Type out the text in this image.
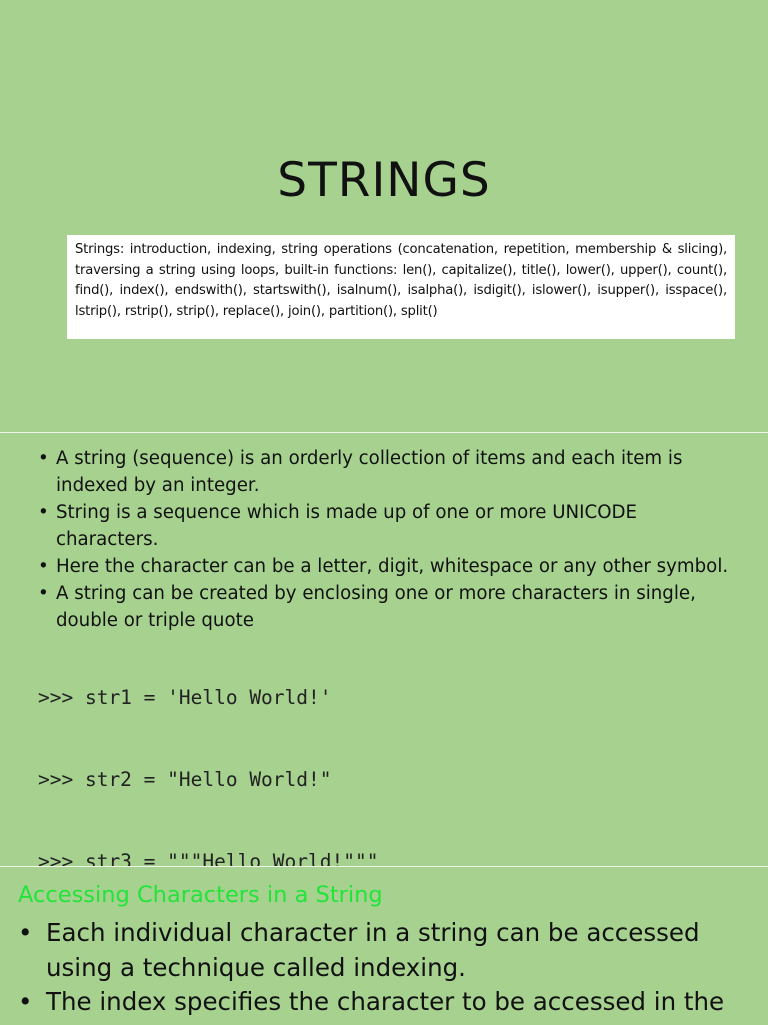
STRINGS

Strings: introduction, indexing, string operations (concatenation, repetition, membership & slicing), traversing a string using loops, built-in functions: len(), capitalize(), title(), lower(), upper(), count(), find(), index(), endswith(), startswith(), isalnum(), isalpha(), isdigit(), islower(), isupper(), isspace(), lstrip(), rstrip(), strip(), replace(), join(), partition(), split()

• A string (sequence) is an orderly collection of items and each item is indexed by an integer.
• String is a sequence which is made up of one or more UNICODE characters.
• Here the character can be a letter, digit, whitespace or any other symbol.
• A string can be created by enclosing one or more characters in single, double or triple quote

>>> str1 = 'Hello World!'

>>> str2 = "Hello World!"

>>> str3 = """Hello World!"""

Accessing Characters in a String
• Each individual character in a string can be accessed using a technique called indexing.
• The index specifies the character to be accessed in the
